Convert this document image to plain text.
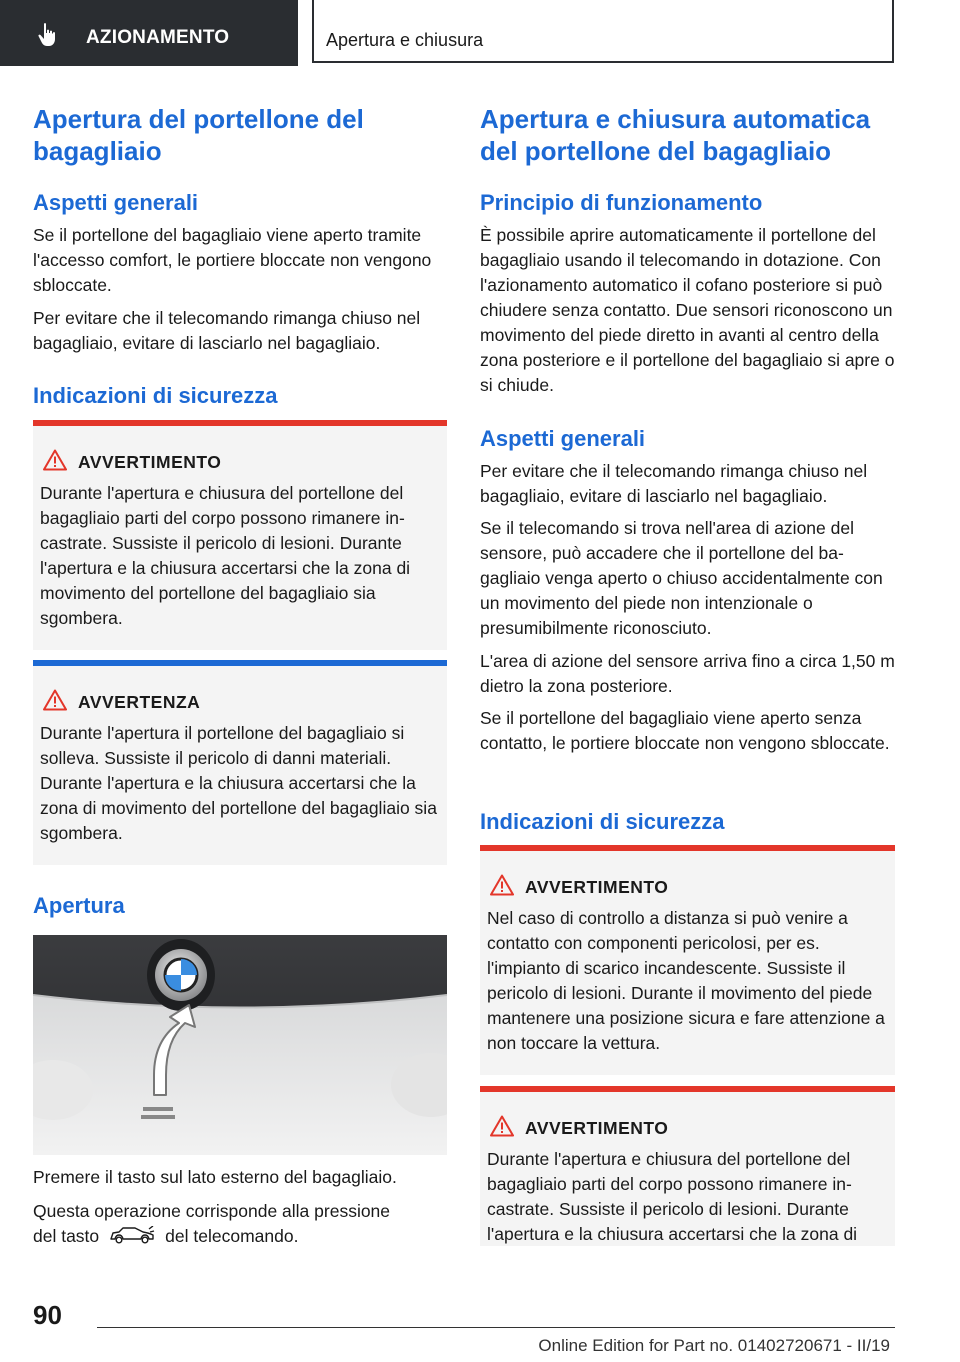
AZIONAMENTO	Apertura e chiusura
Apertura del portellone del bagagliaio
Aspetti generali

Se il portellone del bagagliaio viene aperto tramite l'accesso comfort, le portiere bloccate non vengono sbloccate.

Per evitare che il telecomando rimanga chiuso nel bagagliaio, evitare di lasciarlo nel bagagliaio.

Indicazioni di sicurezza
AVVERTIMENTO

Durante l'apertura e chiusura del portellone del bagagliaio parti del corpo possono rimanere incastrate. Sussiste il pericolo di lesioni. Durante l'apertura e la chiusura accertarsi che la zona di movimento del portellone del bagagliaio sia sgombera.

AVVERTENZA

Durante l'apertura il portellone del bagagliaio si solleva. Sussiste il pericolo di danni materiali. Durante l'apertura e la chiusura accertarsi che la zona di movimento del portellone del bagagliaio sia sgombera.

Apertura

Premere il tasto sul lato esterno del bagagliaio.

Questa operazione corrisponde alla pressione

del tasto	del telecomando.

Apertura e chiusura automatica del portellone del bagagliaio
Principio di funzionamento

È possibile aprire automaticamente il portellone del bagagliaio usando il telecomando in dotazione. Con l'azionamento automatico il cofano posteriore si può chiudere senza contatto. Due sensori riconoscono un movimento del piede diretto in avanti al centro della zona posteriore e il portellone del bagagliaio si apre o si chiude.

Aspetti generali

Per evitare che il telecomando rimanga chiuso nel bagagliaio, evitare di lasciarlo nel bagagliaio.

Se il telecomando si trova nell'area di azione del sensore, può accadere che il portellone del bagagliaio venga aperto o chiuso accidentalmente con un movimento del piede non intenzionale o presumibilmente riconosciuto.

L'area di azione del sensore arriva fino a circa 1,50 m dietro la zona posteriore.

Se il portellone del bagagliaio viene aperto senza contatto, le portiere bloccate non vengono sbloccate.

Indicazioni di sicurezza
AVVERTIMENTO

Nel caso di controllo a distanza si può venire a contatto con componenti pericolosi, per es. l'impianto di scarico incandescente. Sussiste il pericolo di lesioni. Durante il movimento del piede mantenere una posizione sicura e fare attenzione a non toccare la vettura.

AVVERTIMENTO

Durante l'apertura e chiusura del portellone del bagagliaio parti del corpo possono rimanere incastrate. Sussiste il pericolo di lesioni. Durante l'apertura e la chiusura accertarsi che la zona di

90
Online Edition for Part no. 01402720671 - II/19
